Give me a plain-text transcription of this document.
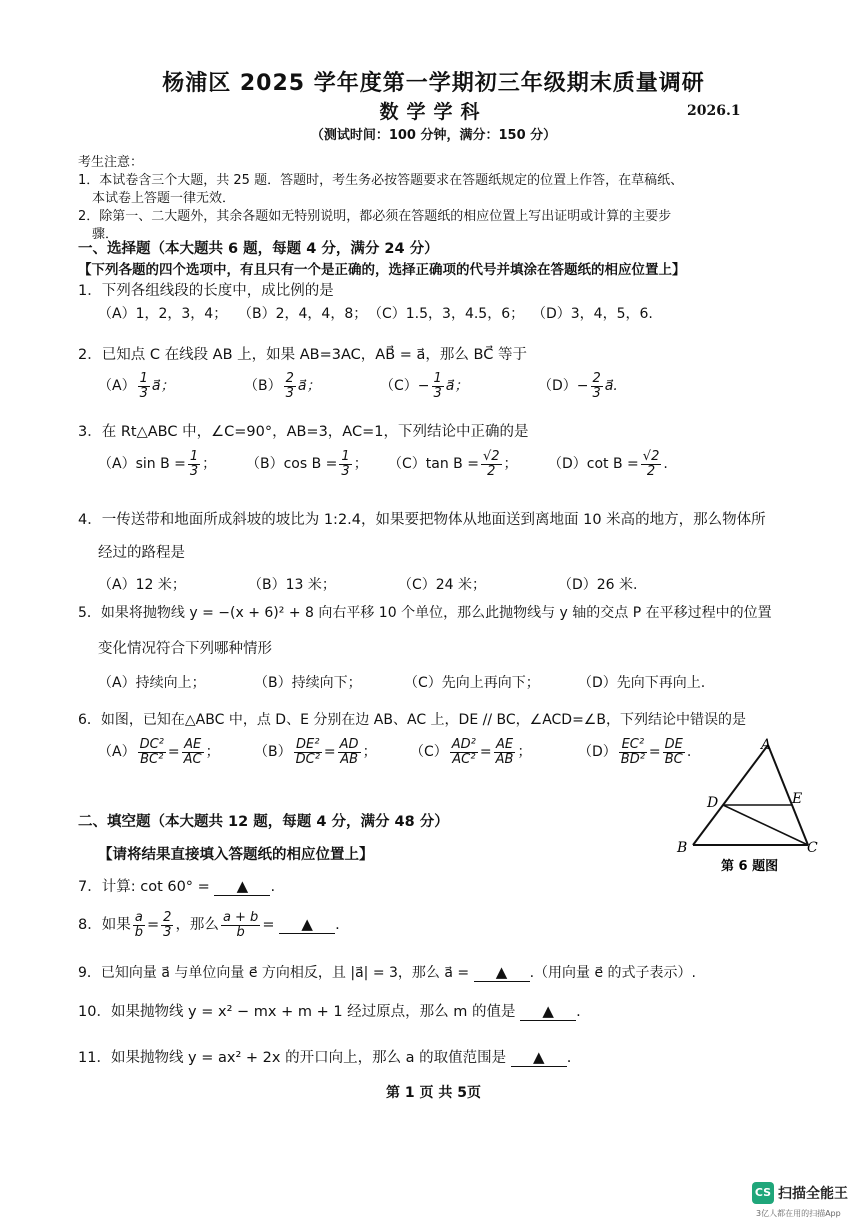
杨浦区 2025 学年度第一学期初三年级期末质量调研
数学学科	2026.1
（测试时间：100 分钟，满分：150 分）
考生注意：
1．本试卷含三个大题，共 25 题．答题时，考生务必按答题要求在答题纸规定的位置上作答，在草稿纸、
本试卷上答题一律无效．
2．除第一、二大题外，其余各题如无特别说明，都必须在答题纸的相应位置上写出证明或计算的主要步
骤．
一、选择题（本大题共 6 题，每题 4 分，满分 24 分）
【下列各题的四个选项中，有且只有一个是正确的，选择正确项的代号并填涂在答题纸的相应位置上】
1．下列各组线段的长度中，成比例的是
（A）1，2，3，4； （B）2，4，4，8； （C）1.5，3，4.5，6； （D）3，4，5，6.
2．已知点 C 在线段 AB 上，如果 AB=3AC，AB⃗ = a⃗，那么 BC⃗ 等于
$(A) \frac{1}{3}$ a⃗；	$(B) \frac{2}{3}$ a⃗；	$(C)- \frac{1}{3}$ a⃗；	$(D)- \frac{2}{3}$ a⃗.
3．在 Rt△ABC 中，∠C=90°，AB=3，AC=1，下列结论中正确的是
（A）sin $B = \frac{1}{3}$ ； （B）cos $B = \frac{1}{3}$ ； （C）tan $B = \frac{√2}{2}$ ； （D）cot $B = \frac{√2}{2}$ .
4．一传送带和地面所成斜坡的坡比为 1:2.4，如果要把物体从地面送到离地面 10 米高的地方，那么物体所
经过的路程是
（A）12 米；	（B）13 米；	（C）24 米；	（D）26 米.
5．如果将抛物线 y = −(x + 6)² + 8 向右平移 10 个单位，那么此抛物线与 y 轴的交点 P 在平移过程中的位置
变化情况符合下列哪种情形
（A）持续向上；	（B）持续向下；	（C）先向上再向下；	（D）先向下再向上.
6．如图，已知在△ABC 中，点 D、E 分别在边 AB、AC 上，DE // BC，∠ACD=∠B，下列结论中错误的是
$(A) \frac{\text{DC²}}{\text{BC²}} = \frac{AE}{AC}$ ； $(B) \frac{\text{DE²}}{\text{DC²}} = \frac{AD}{AB}$ ； $(C) \frac{\text{AD²}}{\text{AC²}} = \frac{AE}{AB}$ ；	$(D) \frac{\text{EC²}}{\text{BD²}} = \frac{DE}{BC}$ .	A
B	C
D	E
第 6 题图
二、填空题（本大题共 12 题，每题 4 分，满分 48 分）
【请将结果直接填入答题纸的相应位置上】
7．计算: cot 60° = ▲ .
8．如果 $\frac{a}{b} = \frac{2}{3}$ ，那么 $\frac{a + b}{b}$ = ▲ .
9．已知向量 a⃗ 与单位向量 e⃗ 方向相反，且 |a⃗| = 3，那么 a⃗ = ▲ .（用向量 e⃗ 的式子表示）.
10．如果抛物线 y = x² − mx + m + 1 经过原点，那么 m 的值是 ▲ .
11．如果抛物线 y = ax² + 2x 的开口向上，那么 a 的取值范围是 ▲ .
第 1 页 共 5页
CS 扫描全能王
3亿人都在用的扫描App
